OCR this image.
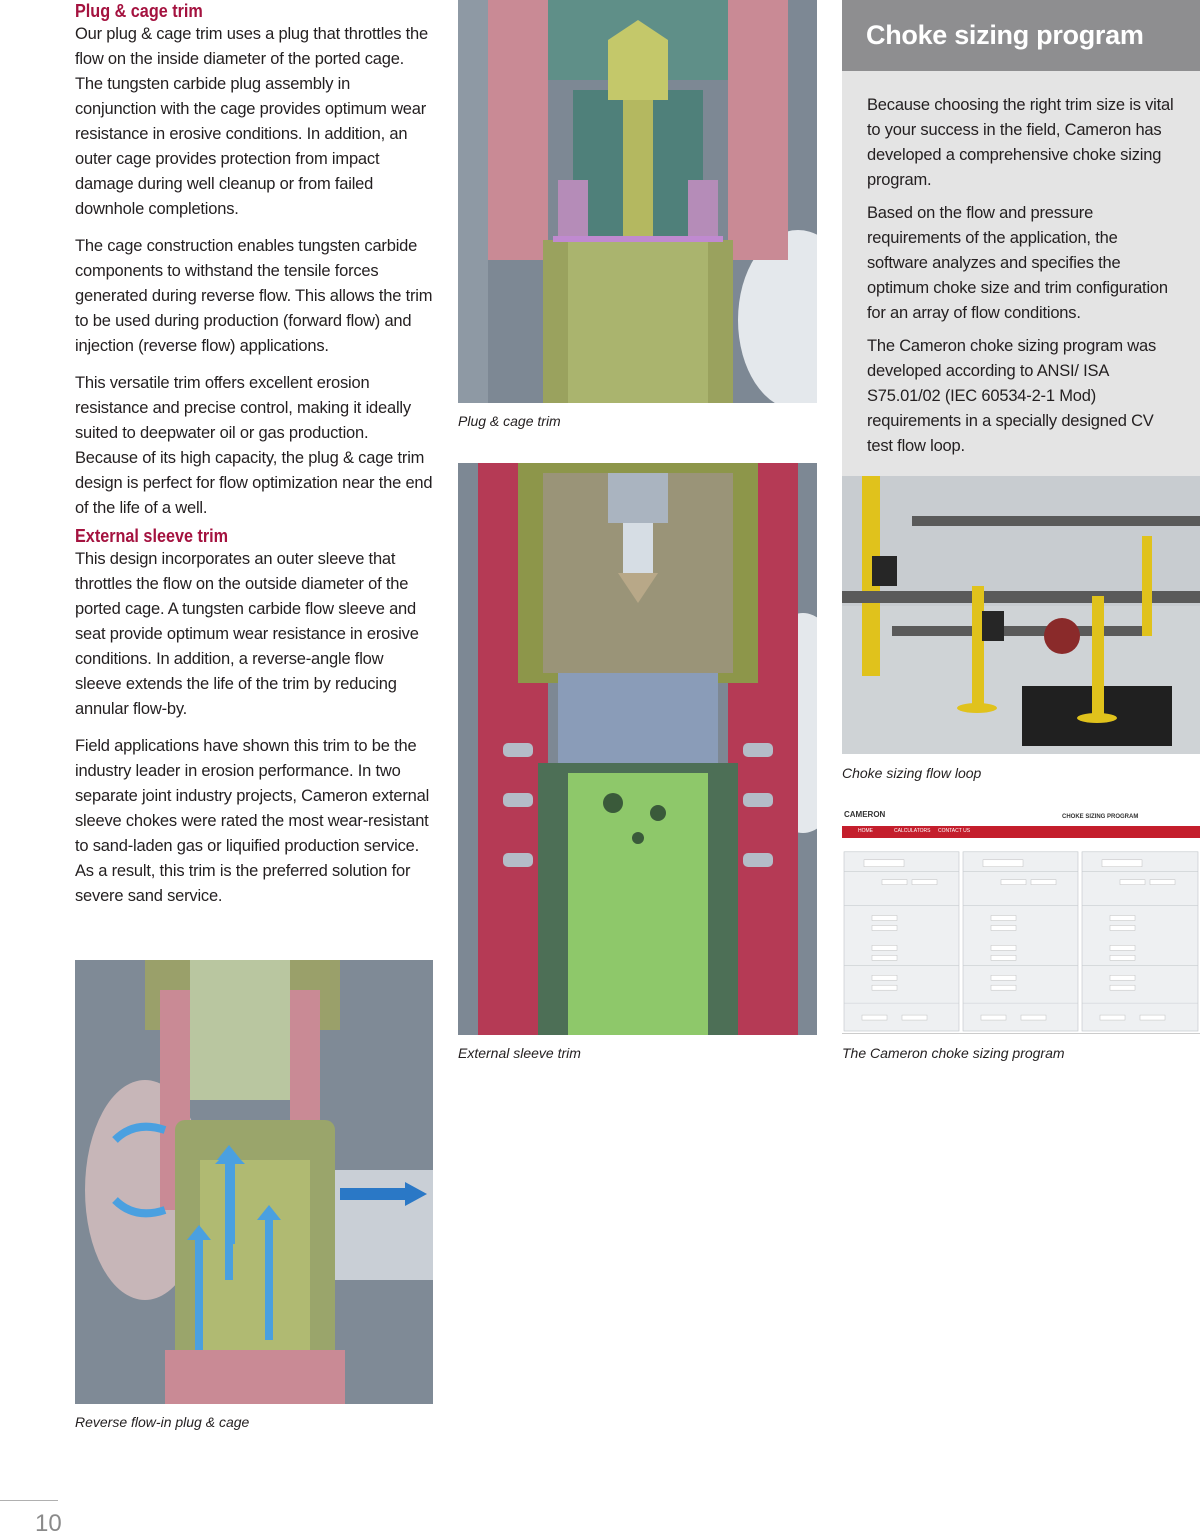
Plug & cage trim

Our plug & cage trim uses a plug that throttles the flow on the inside diameter of the ported cage. The tungsten carbide plug assembly in conjunction with the cage provides optimum wear resistance in erosive conditions. In addition, an outer cage provides protection from impact damage during well cleanup or from failed downhole completions.

The cage construction enables tungsten carbide components to withstand the tensile forces generated during reverse flow. This allows the trim to be used during production (forward flow) and injection (reverse flow) applications.

This versatile trim offers excellent erosion resistance and precise control, making it ideally suited to deepwater oil or gas production. Because of its high capacity, the plug & cage trim design is perfect for flow optimization near the end of the life of a well.

External sleeve trim

This design incorporates an outer sleeve that throttles the flow on the outside diameter of the ported cage. A tungsten carbide flow sleeve and seat provide optimum wear resistance in erosive conditions. In addition, a reverse-angle flow sleeve extends the life of the trim by reducing annular flow-by.

Field applications have shown this trim to be the industry leader in erosion performance. In two separate joint industry projects, Cameron external sleeve chokes were rated the most wear-resistant to sand-laden gas or liquified production service. As a result, this trim is the preferred solution for severe sand service.

Reverse flow-in plug & cage
Plug & cage trim
External sleeve trim
Choke sizing program

Because choosing the right trim size is vital to your success in the field, Cameron has developed a comprehensive choke sizing program.

Based on the flow and pressure requirements of the application, the software analyzes and specifies the optimum choke size and trim configuration for an array of flow conditions.

The Cameron choke sizing program was developed according to ANSI/ ISA S75.01/02 (IEC 60534-2-1 Mod) requirements in a specially designed CV test flow loop.

Choke sizing flow loop
CAMERON	CHOKE SIZING PROGRAM
HOME	CALCULATORS CONTACT US
The Cameron choke sizing program
10
